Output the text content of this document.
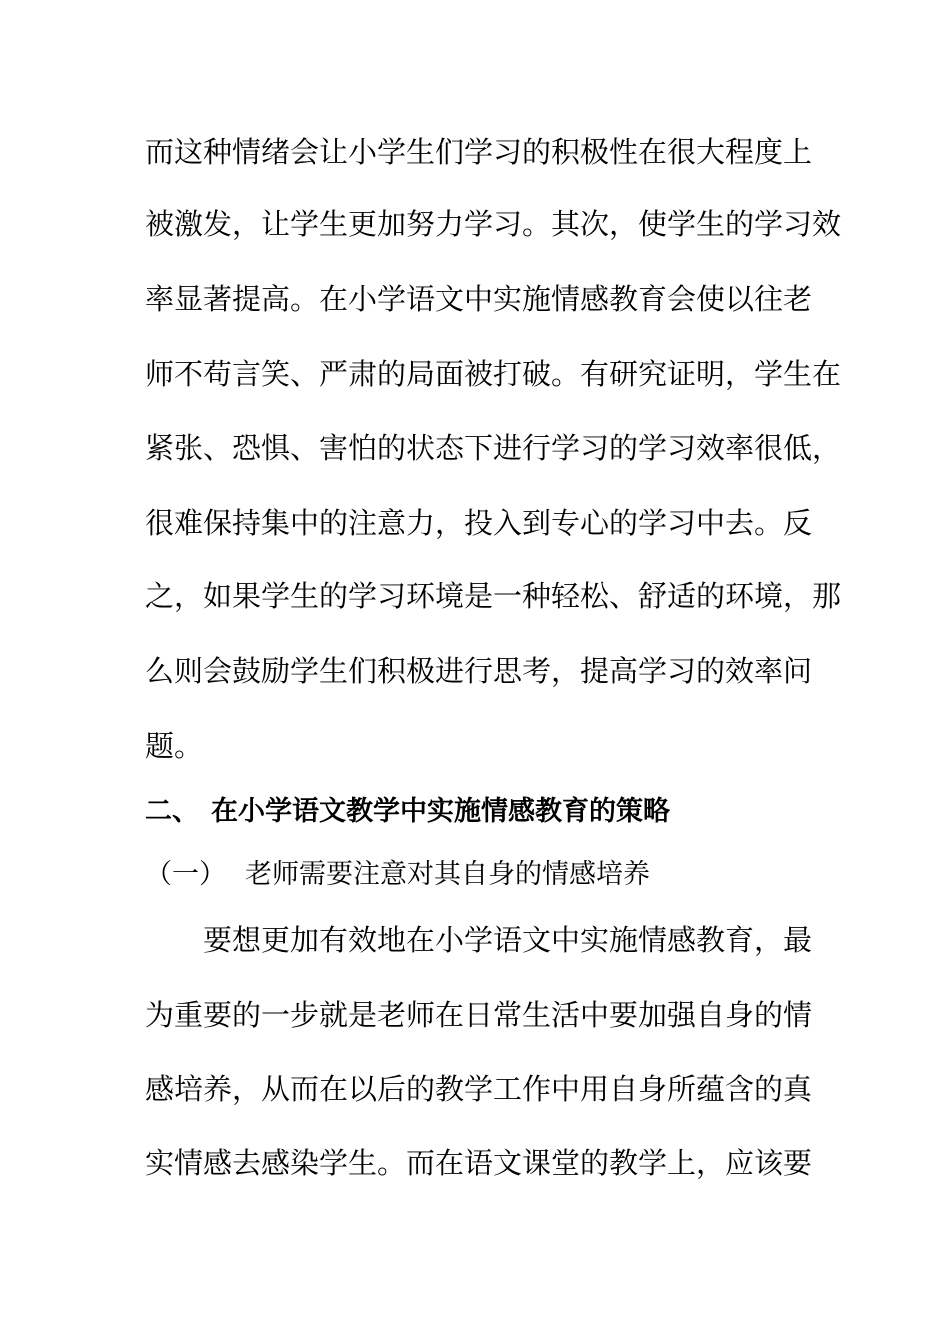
而这种情绪会让小学生们学习的积极性在很大程度上
被激发，让学生更加努力学习。其次，使学生的学习效
率显著提高。在小学语文中实施情感教育会使以往老
师不苟言笑、严肃的局面被打破。有研究证明，学生在
紧张、恐惧、害怕的状态下进行学习的学习效率很低，
很难保持集中的注意力，投入到专心的学习中去。反
之，如果学生的学习环境是一种轻松、舒适的环境，那
么则会鼓励学生们积极进行思考，提高学习的效率问
题。
二、 在小学语文教学中实施情感教育的策略
（一） 老师需要注意对其自身的情感培养
要想更加有效地在小学语文中实施情感教育，最
为重要的一步就是老师在日常生活中要加强自身的情
感培养，从而在以后的教学工作中用自身所蕴含的真
实情感去感染学生。而在语文课堂的教学上，应该要
